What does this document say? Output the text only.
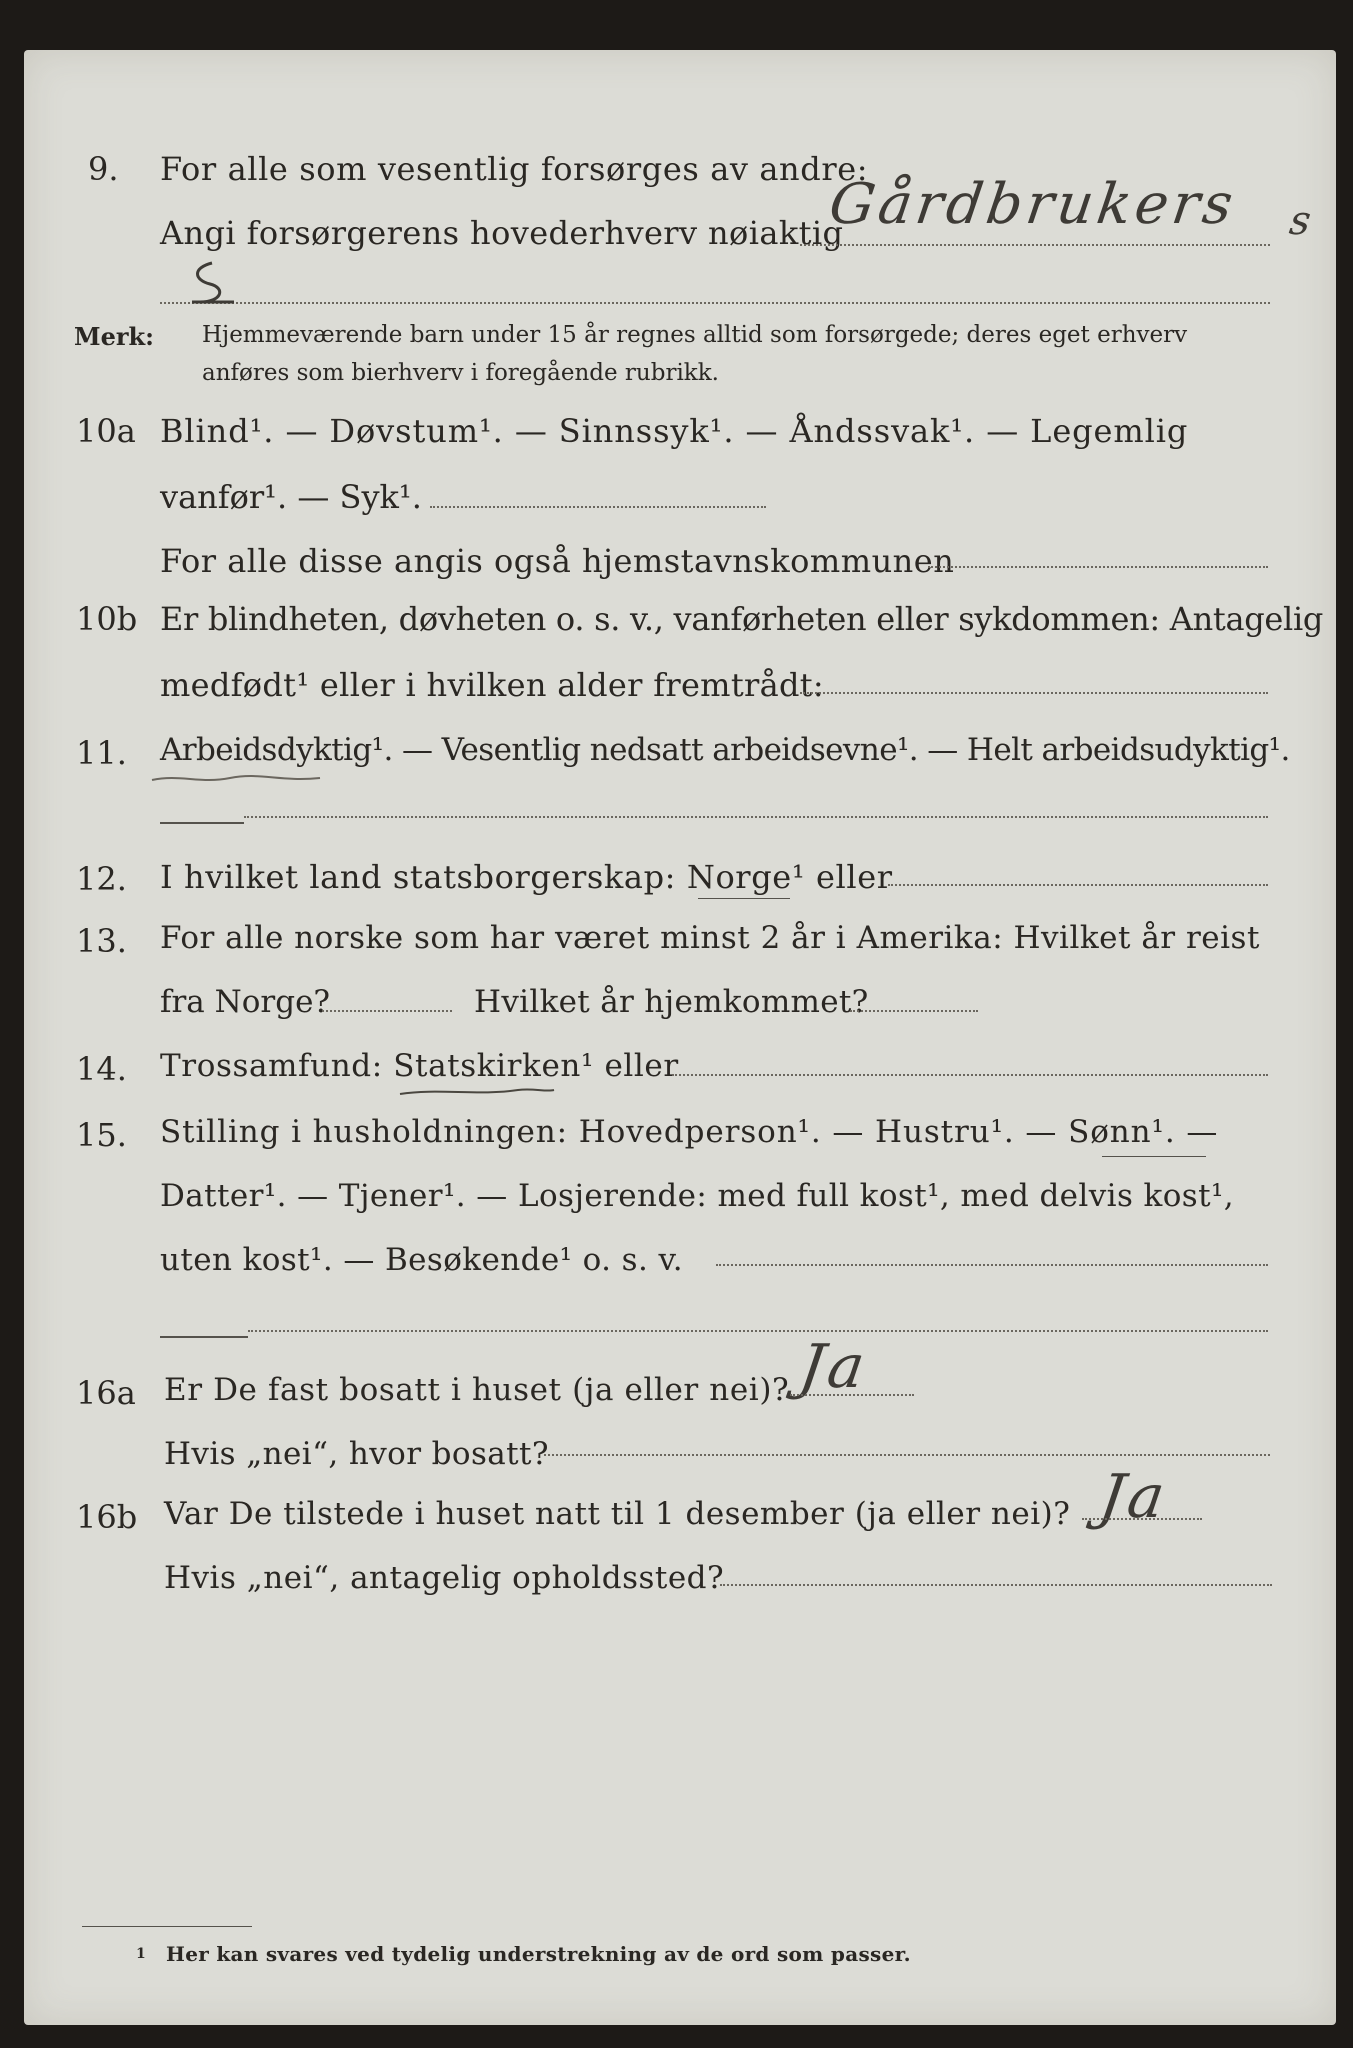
9. For alle som vesentlig forsørges av andre:
Angi forsørgerens hovederhverv nøiaktig
Gårdbrukers s
Merk: Hjemmeværende barn under 15 år regnes alltid som forsørgede; deres eget erhverv
anføres som bierhverv i foregående rubrikk.
10a Blind¹. — Døvstum¹. — Sinnssyk¹. — Åndssvak¹. — Legemlig
vanfør¹. — Syk¹.
For alle disse angis også hjemstavnskommunen
10b Er blindheten, døvheten o. s. v., vanførheten eller sykdommen: Antagelig
medfødt¹ eller i hvilken alder fremtrådt:
11. Arbeidsdyktig¹. — Vesentlig nedsatt arbeidsevne¹. — Helt arbeidsudyktig¹.
12. I hvilket land statsborgerskap: Norge¹ eller
13. For alle norske som har været minst 2 år i Amerika: Hvilket år reist
fra Norge?	Hvilket år hjemkommet?
14. Trossamfund: Statskirken¹ eller
15. Stilling i husholdningen: Hovedperson¹. — Hustru¹. — Sønn¹. —
Datter¹. — Tjener¹. — Losjerende: med full kost¹, med delvis kost¹,
uten kost¹. — Besøkende¹ o. s. v.
16a Er De fast bosatt i huset (ja eller nei)? Ja
Hvis „nei“, hvor bosatt?
16b Var De tilstede i huset natt til 1 desember (ja eller nei)? Ja
Hvis „nei“, antagelig opholdssted?
1 Her kan svares ved tydelig understrekning av de ord som passer.
